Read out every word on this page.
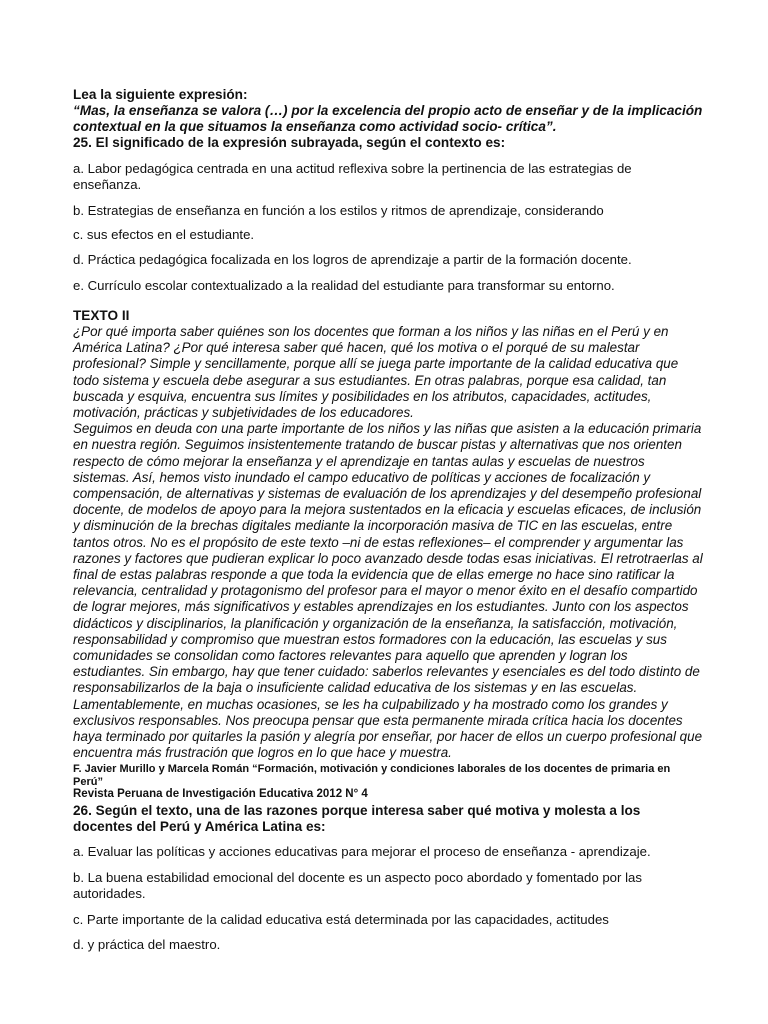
Lea la siguiente expresión:
“Mas, la enseñanza se valora (…) por la excelencia del propio acto de enseñar y de la implicación contextual en la que situamos la enseñanza como actividad socio- crítica”.
25. El significado de la expresión subrayada, según el contexto es:

a. Labor pedagógica centrada en una actitud reflexiva sobre la pertinencia de las estrategias de enseñanza.

b. Estrategias de enseñanza en función a los estilos y ritmos de aprendizaje, considerando

c. sus efectos en el estudiante.

d. Práctica pedagógica focalizada en los logros de aprendizaje a partir de la formación docente.

e. Currículo escolar contextualizado a la realidad del estudiante para transformar su entorno.

TEXTO II

¿Por qué importa saber quiénes son los docentes que forman a los niños y las niñas en el Perú y en América Latina? ¿Por qué interesa saber qué hacen, qué los motiva o el porqué de su malestar profesional? Simple y sencillamente, porque allí se juega parte importante de la calidad educativa que todo sistema y escuela debe asegurar a sus estudiantes. En otras palabras, porque esa calidad, tan buscada y esquiva, encuentra sus límites y posibilidades en los atributos, capacidades, actitudes, motivación, prácticas y subjetividades de los educadores.

Seguimos en deuda con una parte importante de los niños y las niñas que asisten a la educación primaria en nuestra región. Seguimos insistentemente tratando de buscar pistas y alternativas que nos orienten respecto de cómo mejorar la enseñanza y el aprendizaje en tantas aulas y escuelas de nuestros sistemas. Así, hemos visto inundado el campo educativo de políticas y acciones de focalización y compensación, de alternativas y sistemas de evaluación de los aprendizajes y del desempeño profesional docente, de modelos de apoyo para la mejora sustentados en la eficacia y escuelas eficaces, de inclusión y disminución de la brechas digitales mediante la incorporación masiva de TIC en las escuelas, entre tantos otros. No es el propósito de este texto –ni de estas reflexiones– el comprender y argumentar las razones y factores que pudieran explicar lo poco avanzado desde todas esas iniciativas. El retrotraerlas al final de estas palabras responde a que toda la evidencia que de ellas emerge no hace sino ratificar la relevancia, centralidad y protagonismo del profesor para el mayor o menor éxito en el desafío compartido de lograr mejores, más significativos y estables aprendizajes en los estudiantes. Junto con los aspectos didácticos y disciplinarios, la planificación y organización de la enseñanza, la satisfacción, motivación, responsabilidad y compromiso que muestran estos formadores con la educación, las escuelas y sus comunidades se consolidan como factores relevantes para aquello que aprenden y logran los estudiantes. Sin embargo, hay que tener cuidado: saberlos relevantes y esenciales es del todo distinto de responsabilizarlos de la baja o insuficiente calidad educativa de los sistemas y en las escuelas. Lamentablemente, en muchas ocasiones, se les ha culpabilizado y ha mostrado como los grandes y exclusivos responsables. Nos preocupa pensar que esta permanente mirada crítica hacia los docentes haya terminado por quitarles la pasión y alegría por enseñar, por hacer de ellos un cuerpo profesional que encuentra más frustración que logros en lo que hace y muestra.

F. Javier Murillo y Marcela Román “Formación, motivación y condiciones laborales de los docentes de primaria en Perú”

Revista Peruana de Investigación Educativa 2012 N° 4

26. Según el texto, una de las razones porque interesa saber qué motiva y molesta a los docentes del Perú y América Latina es:

a. Evaluar las políticas y acciones educativas para mejorar el proceso de enseñanza - aprendizaje.

b. La buena estabilidad emocional del docente es un aspecto poco abordado y fomentado por las autoridades.

c. Parte importante de la calidad educativa está determinada por las capacidades, actitudes

d. y práctica del maestro.
